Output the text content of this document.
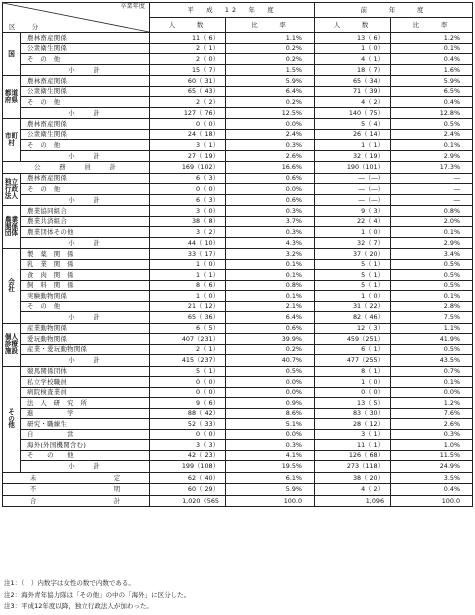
卒業年度
区　分		平　成　12　年　度		前　　年　　度	
		人　　数	比　　率	人　　数	比　　率
国	農林畜産関係	11（ 6）	1.1%	13（ 6）	1.2%
	公衆衛生関係	2（ 1）	0.2%	1（ 0）	0.1%
	そ　の　他	2（ 0）	0.2%	4（ 1）	0.4%
	小　　計	15（ 7）	1.5%	18（ 7）	1.6%
都道府県	農林畜産関係	60（ 31）	5.9%	65（ 34）	5.9%
	公衆衛生関係	65（ 43）	6.4%	71（ 39）	6.5%
	そ　の　他	2（ 2）	0.2%	4（ 2）	0.4%
	小　　計	127（ 76）	12.5%	140（ 75）	12.8%
市町村	農林畜産関係	0（ 0）	0.0%	5（ 4）	0.5%
	公衆衛生関係	24（ 18）	2.4%	26（ 14）	2.4%
	そ　の　他	3（ 1）	0.3%	1（ 1）	0.1%
	小　　計	27（ 19）	2.6%	32（ 19）	2.9%
公　　務　　員　　計		169（102）	16.6%	190（101）	17.3%
独立行政法人	農林畜産関係	6（ 3）	0.6%	―（―）	―
	そ　の　他	0（ 0）	0.0%	―（―）	―
	小　　計	6（ 3）	0.6%	―（―）	―
農業関係団体	農業協同組合	3（ 0）	0.3%	9（ 3）	0.8%
	農業共済組合	38（ 8）	3.7%	22（ 4）	2.0%
	農業団体その他	3（ 2）	0.3%	1（ 0）	0.1%
	小　　計	44（ 10）	4.3%	32（ 7）	2.9%
会　社	製　薬　関　係	33（ 17）	3.2%	37（ 20）	3.4%
	乳　業　関　係	1（ 0）	0.1%	5（ 1）	0.5%
	食　肉　関　係	1（ 1）	0.1%	5（ 1）	0.5%
	飼　料　関　係	8（ 6）	0.8%	5（ 1）	0.5%
	実験動物関係	1（ 0）	0.1%	1（ 0）	0.1%
	そ　の　他	21（ 12）	2.1%	31（ 22）	2.8%
	小　　計	65（ 36）	6.4%	82（ 46）	7.5%
個人診療施設	産業動物関係	6（ 5）	0.6%	12（ 3）	1.1%
	愛玩動物関係	407（231）	39.9%	459（251）	41.9%
	産業・愛玩動物関係	2（ 1）	0.2%	6（ 1）	0.5%
	小　　計	415（237）	40.7%	477（255）	43.5%
そ　の　他	競馬関係団体	5（ 1）	0.5%	8（ 1）	0.7%
	私立学校職員	0（ 0）	0.0%	1（ 0）	0.1%
	病院検査業員	0（ 0）	0.0%	0（ 0）	0.0%
	法　人　研　究　所	9（ 6）	0.9%	13（ 5）	1.2%
	進　　　　　学	88（ 42）	8.6%	83（ 30）	7.6%
	研究・職練生	52（ 33）	5.1%	28（ 12）	2.6%
	自　　　　　営	0（ 0）	0.0%	3（ 1）	0.3%
	海外(外国機関含む)	3（ 3）	0.3%	11（ 1）	1.0%
	そ　　の　　他	42（ 23）	4.1%	126（ 68）	11.5%
	小　　計	199（108）	19.5%	273（118）	24.9%
未　　　　　　　　　定		62（ 40）	6.1%	38（ 20）	3.5%
不　　　　　　　　　明		60（ 29）	5.9%	4（ 2）	0.4%
合　　　　　　　　　計		1,020（565	100.0	1,096	100.0
注1：（　）内数字は女性の数で内数である。
注2：海外青年協力隊は「その他」の中の「海外」に区分した。
注3：平成12年度以降，独立行政法人が加わった。
